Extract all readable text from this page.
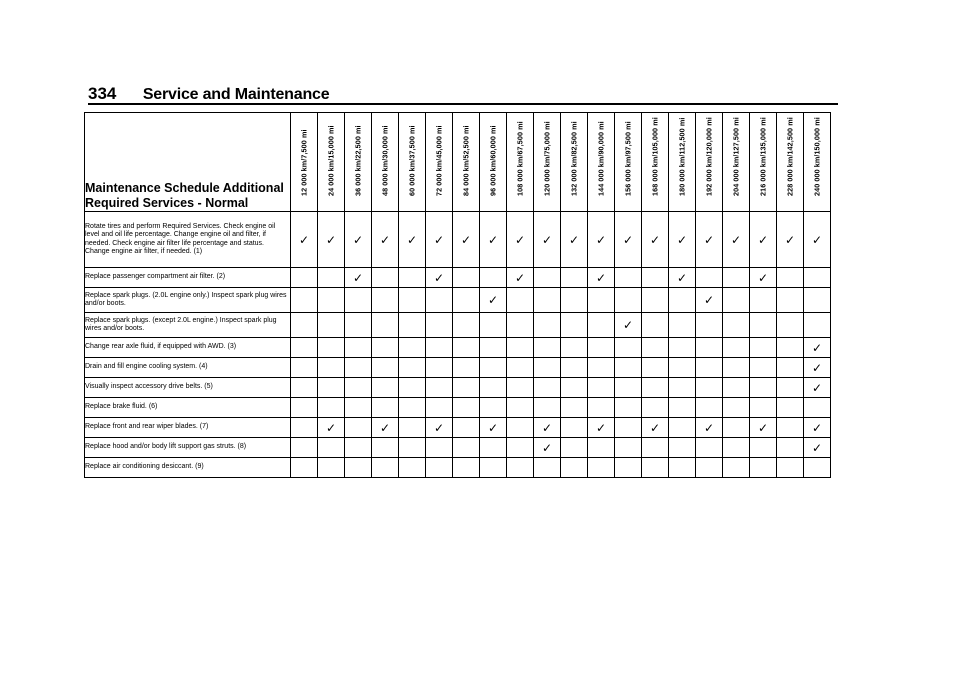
334 Service and Maintenance
Maintenance Schedule Additional Required Services - Normal	12 000 km/7,500 mi	24 000 km/15,000 mi	36 000 km/22,500 mi	48 000 km/30,000 mi	60 000 km/37,500 mi	72 000 km/45,000 mi	84 000 km/52,500 mi	96 000 km/60,000 mi	108 000 km/67,500 mi	120 000 km/75,000 mi	132 000 km/82,500 mi	144 000 km/90,000 mi	156 000 km/97,500 mi	168 000 km/105,000 mi	180 000 km/112,500 mi	192 000 km/120,000 mi	204 000 km/127,500 mi	216 000 km/135,000 mi	228 000 km/142,500 mi	240 000 km/150,000 mi

Rotate tires and perform Required Services. Check engine oil level and oil life percentage. Change engine oil and filter, if needed. Check engine air filter life percentage and status. Change engine air filter, if needed. (1)	✓	✓	✓	✓	✓	✓	✓	✓	✓	✓	✓	✓	✓	✓	✓	✓	✓	✓	✓	✓
Replace passenger compartment air filter. (2)			✓			✓			✓			✓			✓			✓		
Replace spark plugs. (2.0L engine only.) Inspect spark plug wires and/or boots.								✓								✓				
Replace spark plugs. (except 2.0L engine.) Inspect spark plug wires and/or boots.													✓							
Change rear axle fluid, if equipped with AWD. (3)																				✓
Drain and fill engine cooling system. (4)																				✓
Visually inspect accessory drive belts. (5)																				✓
Replace brake fluid. (6)																				
Replace front and rear wiper blades. (7)		✓		✓		✓		✓		✓		✓		✓		✓		✓		✓
Replace hood and/or body lift support gas struts. (8)										✓										✓
Replace air conditioning desiccant. (9)																				
